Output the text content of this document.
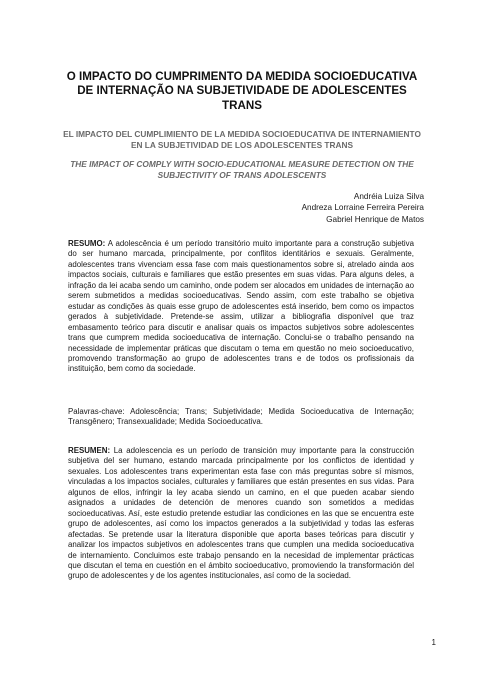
O IMPACTO DO CUMPRIMENTO DA MEDIDA SOCIOEDUCATIVA DE INTERNAÇÃO NA SUBJETIVIDADE DE ADOLESCENTES TRANS
EL IMPACTO DEL CUMPLIMIENTO DE LA MEDIDA SOCIOEDUCATIVA DE INTERNAMIENTO EN LA SUBJETIVIDAD DE LOS ADOLESCENTES TRANS
THE IMPACT OF COMPLY WITH SOCIO-EDUCATIONAL MEASURE DETECTION ON THE SUBJECTIVITY OF TRANS ADOLESCENTS
Andréia Luiza Silva
Andreza Lorraine Ferreira Pereira
Gabriel Henrique de Matos
RESUMO: A adolescência é um período transitório muito importante para a construção subjetiva do ser humano marcada, principalmente, por conflitos identitários e sexuais. Geralmente, adolescentes trans vivenciam essa fase com mais questionamentos sobre si, atrelado ainda aos impactos sociais, culturais e familiares que estão presentes em suas vidas. Para alguns deles, a infração da lei acaba sendo um caminho, onde podem ser alocados em unidades de internação ao serem submetidos a medidas socioeducativas. Sendo assim, com este trabalho se objetiva estudar as condições às quais esse grupo de adolescentes está inserido, bem como os impactos gerados à subjetividade. Pretende-se assim, utilizar a bibliografia disponível que traz embasamento teórico para discutir e analisar quais os impactos subjetivos sobre adolescentes trans que cumprem medida socioeducativa de internação. Conclui-se o trabalho pensando na necessidade de implementar práticas que discutam o tema em questão no meio socioeducativo, promovendo transformação ao grupo de adolescentes trans e de todos os profissionais da instituição, bem como da sociedade.
Palavras-chave: Adolescência; Trans; Subjetividade; Medida Socioeducativa de Internação; Transgênero; Transexualidade; Medida Socioeducativa.
RESUMEN: La adolescencia es un período de transición muy importante para la construcción subjetiva del ser humano, estando marcada principalmente por los conflictos de identidad y sexuales. Los adolescentes trans experimentan esta fase con más preguntas sobre sí mismos, vinculadas a los impactos sociales, culturales y familiares que están presentes en sus vidas. Para algunos de ellos, infringir la ley acaba siendo un camino, en el que pueden acabar siendo asignados a unidades de detención de menores cuando son sometidos a medidas socioeducativas. Así, este estudio pretende estudiar las condiciones en las que se encuentra este grupo de adolescentes, así como los impactos generados a la subjetividad y todas las esferas afectadas. Se pretende usar la literatura disponible que aporta bases teóricas para discutir y analizar los impactos subjetivos en adolescentes trans que cumplen una medida socioeducativa de internamiento. Concluimos este trabajo pensando en la necesidad de implementar prácticas que discutan el tema en cuestión en el ámbito socioeducativo, promoviendo la transformación del grupo de adolescentes y de los agentes institucionales, así como de la sociedad.
1
